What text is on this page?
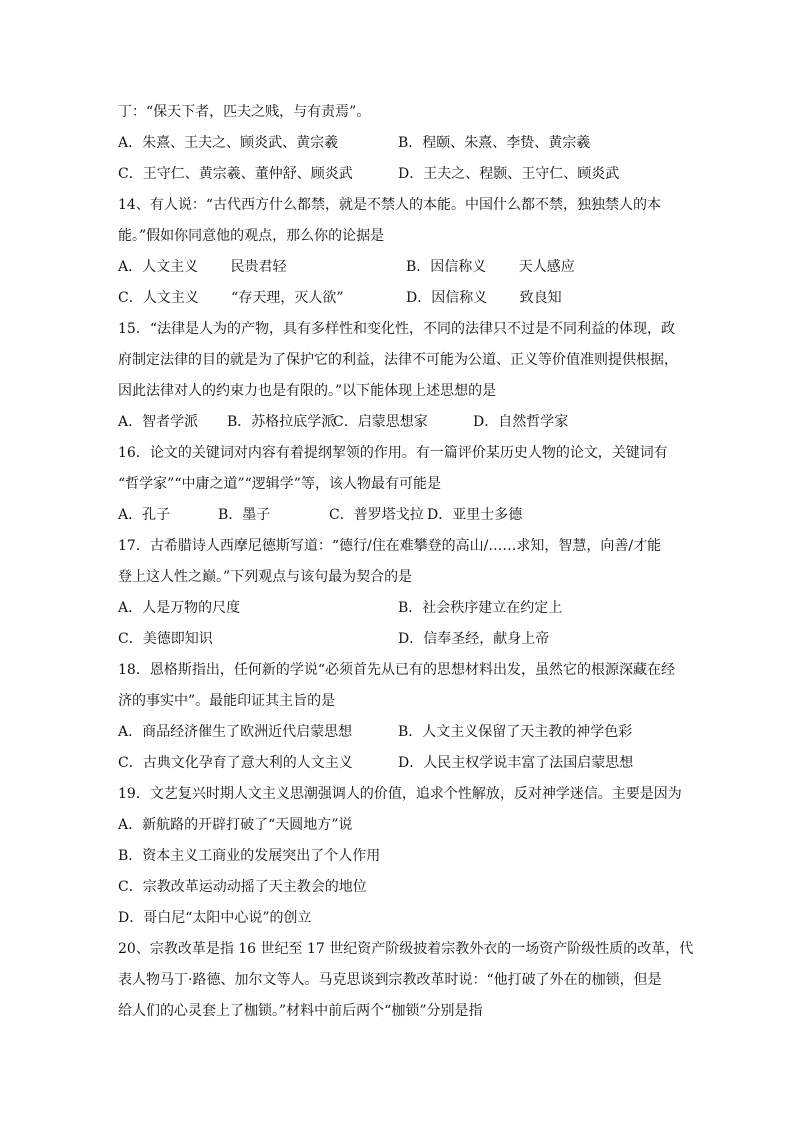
丁：“保天下者，匹夫之贱，与有责焉”。
A．朱熹、王夫之、顾炎武、黄宗羲	B．程颐、朱熹、李贽、黄宗羲
C．王守仁、黄宗羲、董仲舒、顾炎武	D．王夫之、程颢、王守仁、顾炎武
14、有人说：“古代西方什么都禁，就是不禁人的本能。中国什么都不禁，独独禁人的本
能。”假如你同意他的观点，那么你的论据是
A．人文主义　　 民贵君轻	B．因信称义　　 天人感应
C．人文主义　　 “存天理，灭人欲”	D．因信称义　　 致良知
15．“法律是人为的产物，具有多样性和变化性，不同的法律只不过是不同利益的体现，政
府制定法律的目的就是为了保护它的利益，法律不可能为公道、正义等价值准则提供根据，
因此法律对人的约束力也是有限的。”以下能体现上述思想的是
A．智者学派 B．苏格拉底学派
C．启蒙思想家	D．自然哲学家
16．论文的关键词对内容有着提纲挈领的作用。有一篇评价某历史人物的论文，关键词有
“哲学家”“中庸之道”“逻辑学”等，该人物最有可能是
A．孔子	B．墨子	C．普罗塔戈拉 D．亚里士多德
17．古希腊诗人西摩尼德斯写道：“德行/住在难攀登的高山/……求知，智慧，向善/才能
登上这人性之巅。”下列观点与该句最为契合的是
A．人是万物的尺度	B．社会秩序建立在约定上
C．美德即知识	D．信奉圣经，献身上帝
18．恩格斯指出，任何新的学说“必须首先从已有的思想材料出发，虽然它的根源深藏在经
济的事实中”。最能印证其主旨的是
A．商品经济催生了欧洲近代启蒙思想	B．人文主义保留了天主教的神学色彩
C．古典文化孕育了意大利的人文主义	D．人民主权学说丰富了法国启蒙思想
19．文艺复兴时期人文主义思潮强调人的价值，追求个性解放，反对神学迷信。主要是因为
A．新航路的开辟打破了“天圆地方”说
B．资本主义工商业的发展突出了个人作用
C．宗教改革运动动摇了天主教会的地位
D．哥白尼“太阳中心说”的创立
20、宗教改革是指 16 世纪至 17 世纪资产阶级披着宗教外衣的一场资产阶级性质的改革，代
表人物马丁·路德、加尔文等人。马克思谈到宗教改革时说：“他打破了外在的枷锁，但是
给人们的心灵套上了枷锁。”材料中前后两个“枷锁”分别是指
